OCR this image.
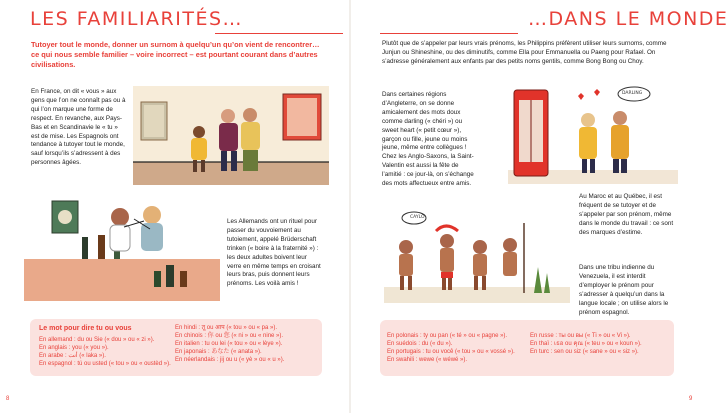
LES FAMILIARITÉS…
Tutoyer tout le monde, donner un surnom à quelqu’un qu’on vient de rencontrer… ce qui nous semble familier – voire incorrect – est pourtant courant dans d’autres civilisations.
En France, on dit « vous » aux gens que l’on ne connaît pas ou à qui l’on marque une forme de respect. En revanche, aux Pays-Bas et en Scandinavie le « tu » est de mise. Les Espagnols ont tendance à tutoyer tout le monde, sauf lorsqu’ils s’adressent à des personnes âgées.
Les Allemands ont un rituel pour passer du vouvoiement au tutoiement, appelé Brüderschaft trinken (« boire à la fraternité ») : les deux adultes boivent leur verre en même temps en croisant leurs bras, puis donnent leurs prénoms. Les voilà amis !
Le mot pour dire tu ou vous
En allemand : du ou Sie (« dou » ou « zi »).
En anglais : you (« you »).
En arabe : أنت (« laka »).
En espagnol : tú ou usted (« tou » ou « oustèd »).
En hindi : तू ou आप (« tou » ou « pa »).
En chinois : 你 ou 您 (« ni » ou « nine »).
En italien : tu ou lei (« tou » ou « lèye »).
En japonais : あなた (« anata »).
En néerlandais : jij ou u (« yè » ou « u »).
8
…DANS LE MONDE
Plutôt que de s’appeler par leurs vrais prénoms, les Philippins préfèrent utiliser leurs surnoms, comme Junjun ou Shineshine, ou des diminutifs, comme Ella pour Emmanuella ou Paeng pour Rafael. On s’adresse généralement aux enfants par des petits noms gentils, comme Bong Bong ou Choy.
Dans certaines régions d’Angleterre, on se donne amicalement des mots doux comme darling (« chéri ») ou sweet heart (« petit cœur »), garçon ou fille, jeune ou moins jeune, même entre collègues ! Chez les Anglo-Saxons, la Saint-Valentin est aussi la fête de l’amitié : ce jour-là, on s’échange des mots affectueux entre amis.
DARLING
Au Maroc et au Québec, il est fréquent de se tutoyer et de s’appeler par son prénom, même dans le monde du travail : ce sont des marques d’estime.
CAYLO
Dans une tribu indienne du Venezuela, il est interdit d’employer le prénom pour s’adresser à quelqu’un dans la langue locale ; on utilise alors le prénom espagnol.
En polonais : ty ou pan (« té » ou « pagne »).
En suédois : du (« du »).
En portugais : tu ou você (« tou » ou « vossé »).
En swahili : wewe (« wéwé »).
En russe : ты ou вы (« Ti » ou « Vi »).
En thaï : เธอ ou คุณ (« teu » ou « koun »).
En turc : sen ou siz (« sane » ou « siz »).
9
